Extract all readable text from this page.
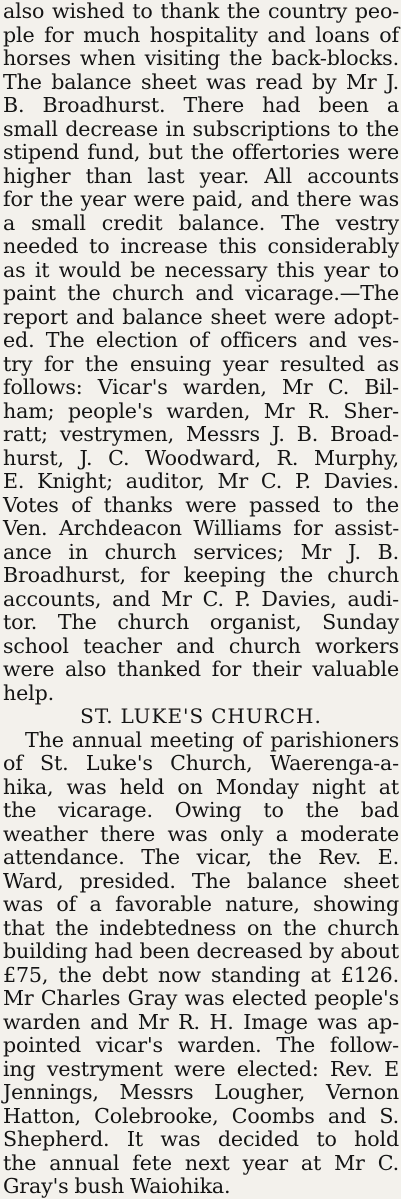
also wished to thank the country peo-
ple for much hospitality and loans of
horses when visiting the back-blocks.
The balance sheet was read by Mr J.
B. Broadhurst. There had been a
small decrease in subscriptions to the
stipend fund, but the offertories were
higher than last year. All accounts
for the year were paid, and there was
a small credit balance. The vestry
needed to increase this considerably
as it would be necessary this year to
paint the church and vicarage.—The
report and balance sheet were adopt-
ed. The election of officers and ves-
try for the ensuing year resulted as
follows: Vicar's warden, Mr C. Bil-
ham; people's warden, Mr R. Sher-
ratt; vestrymen, Messrs J. B. Broad-
hurst, J. C. Woodward, R. Murphy,
E. Knight; auditor, Mr C. P. Davies.
Votes of thanks were passed to the
Ven. Archdeacon Williams for assist-
ance in church services; Mr J. B.
Broadhurst, for keeping the church
accounts, and Mr C. P. Davies, audi-
tor. The church organist, Sunday
school teacher and church workers
were also thanked for their valuable
help.
ST. LUKE'S CHURCH.
The annual meeting of parishioners
of St. Luke's Church, Waerenga-a-
hika, was held on Monday night at
the vicarage. Owing to the bad
weather there was only a moderate
attendance. The vicar, the Rev. E.
Ward, presided. The balance sheet
was of a favorable nature, showing
that the indebtedness on the church
building had been decreased by about
£75, the debt now standing at £126.
Mr Charles Gray was elected people's
warden and Mr R. H. Image was ap-
pointed vicar's warden. The follow-
ing vestryment were elected: Rev. E
Jennings, Messrs Lougher, Vernon
Hatton, Colebrooke, Coombs and S.
Shepherd. It was decided to hold
the annual fete next year at Mr C.
Gray's bush Waiohika.
